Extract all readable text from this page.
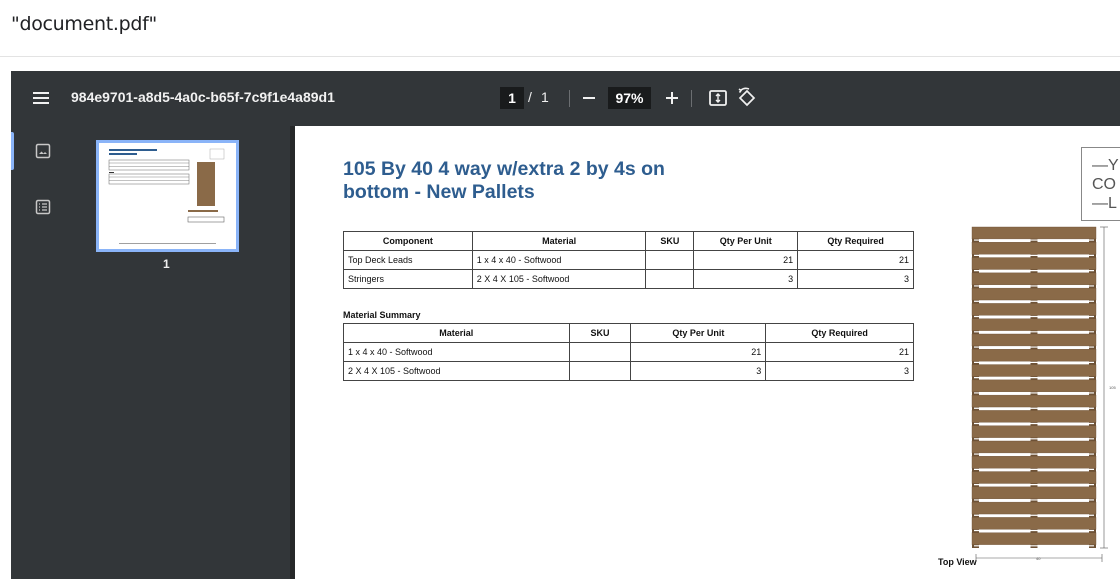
"document.pdf"
984e9701-a8d5-4a0c-b65f-7c9f1e4a89d1	1 / 1	97%
1
105 By 40 4 way w/extra 2 by 4s on bottom - New Pallets
Component	Material	SKU	Qty Per Unit	Qty Required
Top Deck Leads	1 x 4 x 40 - Softwood		21	21
Stringers	2 X 4 X 105 - Softwood		3	3
Material Summary
Material	SKU	Qty Per Unit	Qty Required
1 x 4 x 40 - Softwood		21	21
2 X 4 X 105 - Softwood		3	3
—Y
CO
—L
105
40
Top View
